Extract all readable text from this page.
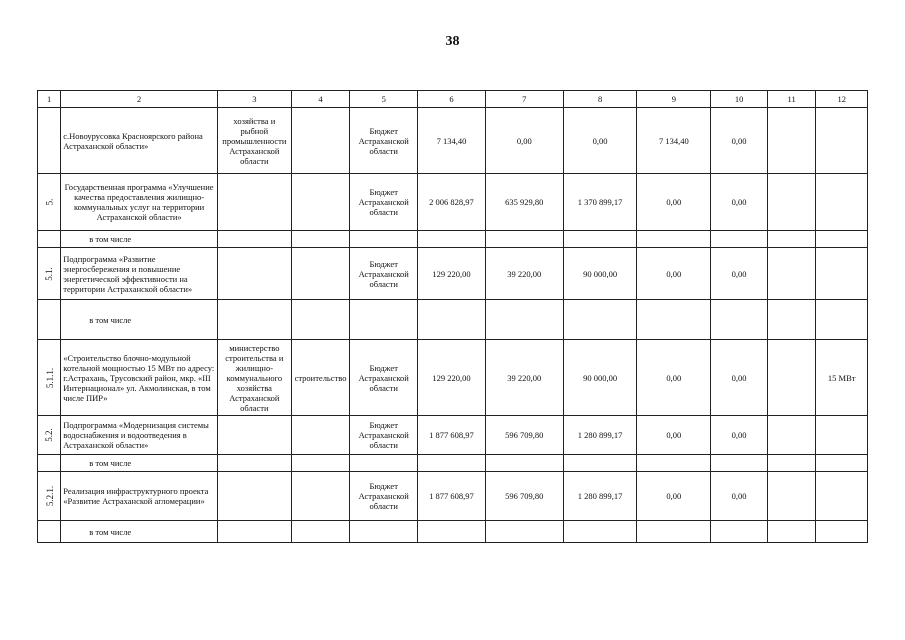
38
1	2	3	4	5	6	7	8	9	10	11	12
	с.Новоурусовка Красноярского района Астраханской области»	хозяйства и рыбной промышленности Астраханской области		Бюджет Астраханской области	7 134,40	0,00	0,00	7 134,40	0,00		
5.	Государственная программа «Улучшение качества предоставления жилищно-коммунальных услуг на территории Астраханской области»			Бюджет Астраханской области	2 006 828,97	635 929,80	1 370 899,17	0,00	0,00		
	в том числе										
5.1.	Подпрограмма «Развитие энергосбережения и повышение энергетической эффективности на территории Астраханской области»			Бюджет Астраханской области	129 220,00	39 220,00	90 000,00	0,00	0,00		
	в том числе										
5.1.1.	«Строительство блочно-модульной котельной мощностью 15 МВт по адресу: г.Астрахань, Трусовский район, мкр. «III Интернационал» ул. Акмолинская, в том числе ПИР»	министерство строительства и жилищно-коммунального хозяйства Астраханской области	строительство	Бюджет Астраханской области	129 220,00	39 220,00	90 000,00	0,00	0,00		15 МВт
5.2.	Подпрограмма «Модернизация системы водоснабжения и водоотведения в Астраханской области»			Бюджет Астраханской области	1 877 608,97	596 709,80	1 280 899,17	0,00	0,00		
	в том числе										
5.2.1.	Реализация инфраструктурного проекта «Развитие Астраханской агломерации»			Бюджет Астраханской области	1 877 608,97	596 709,80	1 280 899,17	0,00	0,00		
	в том числе										
